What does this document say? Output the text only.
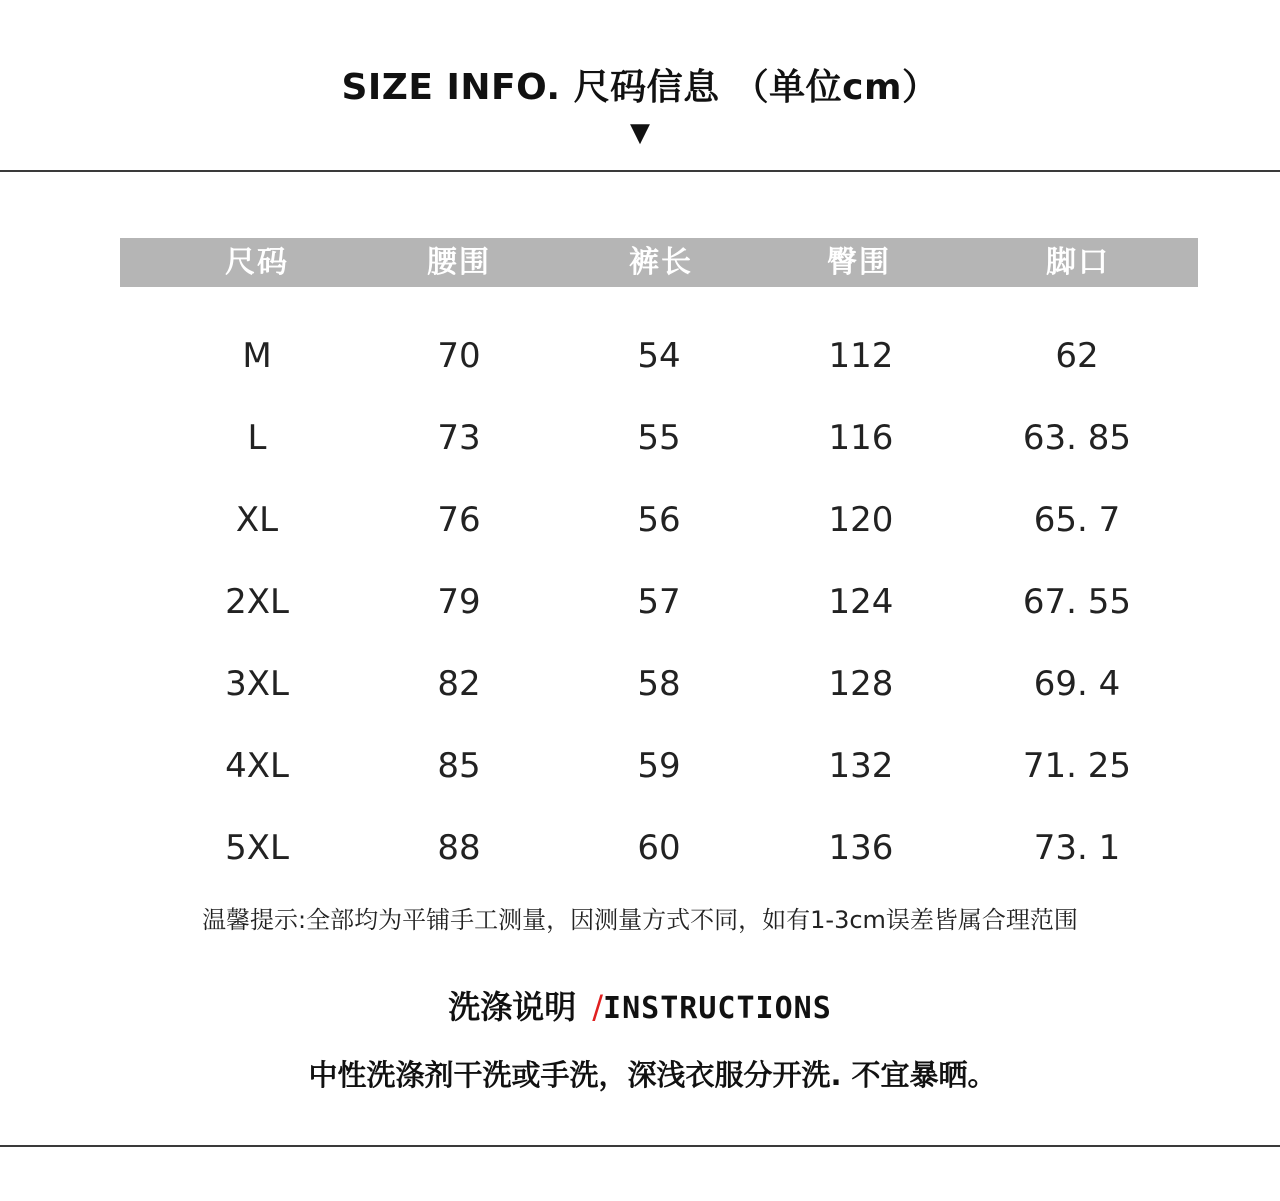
SIZE INFO. 尺码信息 （单位cm）
▼
尺码	腰围	裤长	臀围	脚口
M	70	54	112	62
L	73	55	116	63. 85
XL	76	56	120	65. 7
2XL	79	57	124	67. 55
3XL	82	58	128	69. 4
4XL	85	59	132	71. 25
5XL	88	60	136	73. 1
温馨提示:全部均为平铺手工测量，因测量方式不同，如有1-3cm误差皆属合理范围
洗涤说明 /INSTRUCTIONS
中性洗涤剂干洗或手洗，深浅衣服分开洗. 不宜暴晒。
